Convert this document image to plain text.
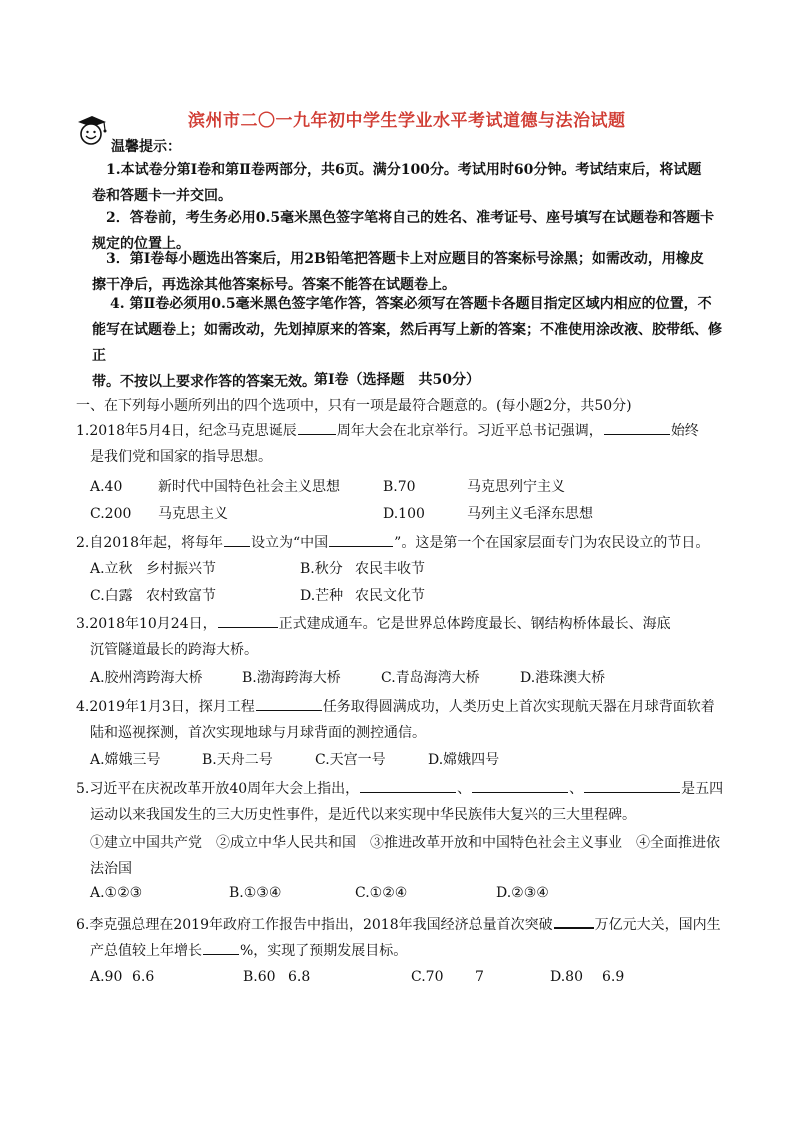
滨州市二〇一九年初中学生学业水平考试道德与法治试题
温馨提示：
1.本试卷分第Ⅰ卷和第Ⅱ卷两部分，共6页。满分100分。考试用时60分钟。考试结束后，将试题
卷和答题卡一并交回。
2．答卷前，考生务必用0.5毫米黑色签字笔将自己的姓名、准考证号、座号填写在试题卷和答题卡
规定的位置上。
3．第Ⅰ卷每小题选出答案后，用2B铅笔把答题卡上对应题目的答案标号涂黑；如需改动，用橡皮
擦干净后，再选涂其他答案标号。答案不能答在试题卷上。
4. 第Ⅱ卷必须用0.5毫米黑色签字笔作答，答案必须写在答题卡各题目指定区域内相应的位置，不
能写在试题卷上；如需改动，先划掉原来的答案，然后再写上新的答案；不准使用涂改液、胶带纸、修正
带。不按以上要求作答的答案无效。
第Ⅰ卷（选择题　共50分）
一、在下列每小题所列出的四个选项中，只有一项是最符合题意的。(每小题2分，共50分)
1.2018年5月4日，纪念马克思诞辰	周年大会在北京举行。习近平总书记强调，	始终
是我们党和国家的指导思想。
A.40	新时代中国特色社会主义思想	B.70	马克思列宁主义
C.200 马克思主义	D.100	马列主义毛泽东思想
2.自2018年起，将每年 设立为“中国	”。这是第一个在国家层面专门为农民设立的节日。
A.立秋 乡村振兴节	B.秋分 农民丰收节
C.白露 农村致富节	D.芒种 农民文化节
3.2018年10月24日，	正式建成通车。它是世界总体跨度最长、钢结构桥体最长、海底
沉管隧道最长的跨海大桥。
A.胶州湾跨海大桥	B.渤海跨海大桥	C.青岛海湾大桥	D.港珠澳大桥
4.2019年1月3日，探月工程	任务取得圆满成功，人类历史上首次实现航天器在月球背面软着
陆和巡视探测，首次实现地球与月球背面的测控通信。
A.嫦娥三号	B.天舟二号	C.天宫一号	D.嫦娥四号
5.习近平在庆祝改革开放40周年大会上指出，	、	、	是五四
运动以来我国发生的三大历史性事件，是近代以来实现中华民族伟大复兴的三大里程碑。
①建立中国共产党　②成立中华人民共和国　③推进改革开放和中国特色社会主义事业　④全面推进依
法治国
A.①②③	B.①③④	C.①②④	D.②③④
6.李克强总理在2019年政府工作报告中指出，2018年我国经济总量首次突破	万亿元大关，国内生
产总值较上年增长	%，实现了预期发展目标。
A.90 6.6	B.60 6.8	C.70 7	D.80 6.9
